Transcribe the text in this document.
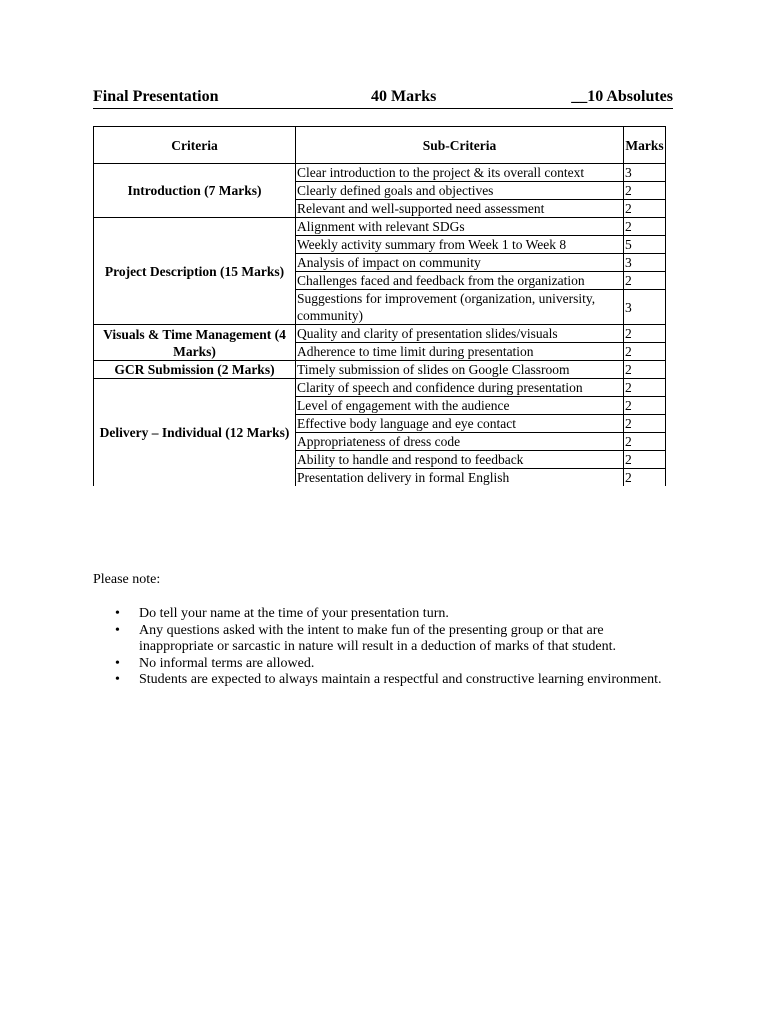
Final Presentation	40 Marks	__10 Absolutes
Criteria	Sub-Criteria	Marks
Introduction (7 Marks)	Clear introduction to the project & its overall context	3
	Clearly defined goals and objectives	2
	Relevant and well-supported need assessment	2
Project Description (15 Marks)	Alignment with relevant SDGs	2
	Weekly activity summary from Week 1 to Week 8	5
	Analysis of impact on community	3
	Challenges faced and feedback from the organization	2
	Suggestions for improvement (organization, university, community)	3
Visuals & Time Management (4 Marks)	Quality and clarity of presentation slides/visuals	2
	Adherence to time limit during presentation	2
GCR Submission (2 Marks)	Timely submission of slides on Google Classroom	2
Delivery – Individual (12 Marks)	Clarity of speech and confidence during presentation	2
	Level of engagement with the audience	2
	Effective body language and eye contact	2
	Appropriateness of dress code	2
	Ability to handle and respond to feedback	2
	Presentation delivery in formal English	2
Please note:
• Do tell your name at the time of your presentation turn.
• Any questions asked with the intent to make fun of the presenting group or that are inappropriate or sarcastic in nature will result in a deduction of marks of that student.
• No informal terms are allowed.
• Students are expected to always maintain a respectful and constructive learning environment.
